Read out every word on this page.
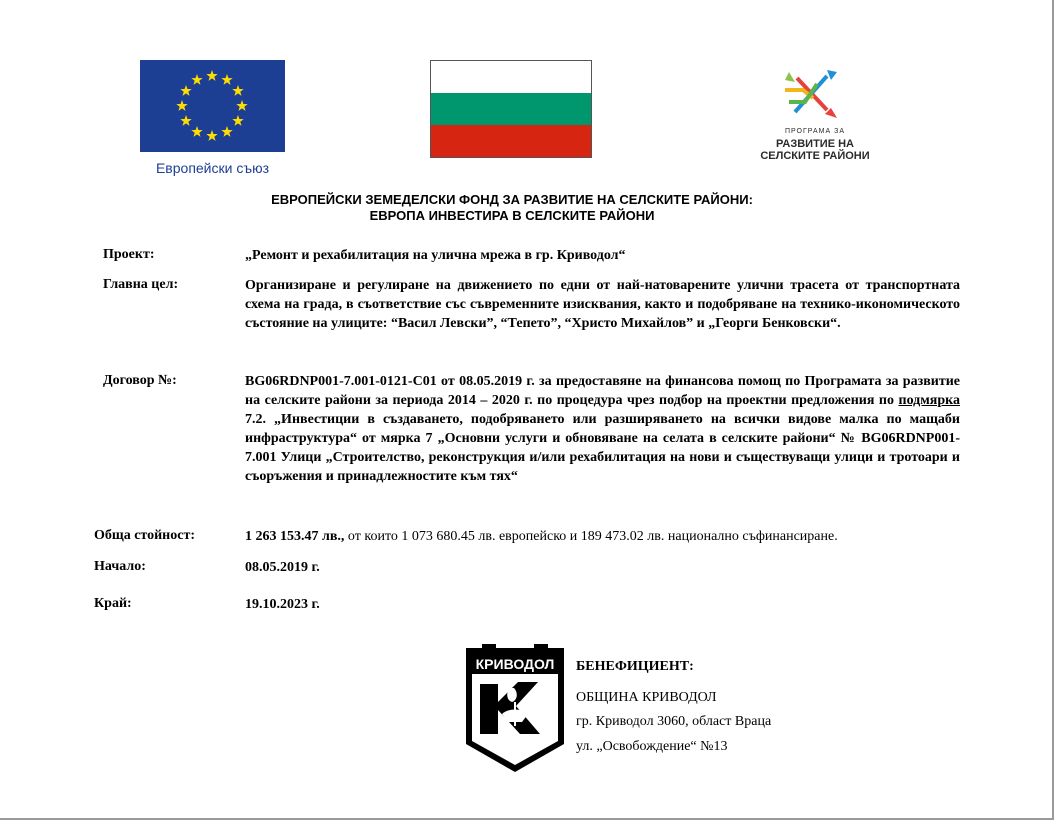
Европейски съюз
ПРОГРАМА ЗА
РАЗВИТИЕ НА
СЕЛСКИТЕ РАЙОНИ
ЕВРОПЕЙСКИ ЗЕМЕДЕЛСКИ ФОНД ЗА РАЗВИТИЕ НА СЕЛСКИТЕ РАЙОНИ:
ЕВРОПА ИНВЕСТИРА В СЕЛСКИТЕ РАЙОНИ
Проект:	„Ремонт и рехабилитация на улична мрежа в гр. Криводол“
Главна цел:	Организиране и регулиране на движението по едни от най-натоварените улични трасета от транспортната схема на града, в съответствие със съвременните изисквания, както и подобряване на технико-икономическото състояние на улиците: “Васил Левски”, “Тепето”, “Христо Михайлов” и „Георги Бенковски“.
Договор №:	BG06RDNP001-7.001-0121-C01 от 08.05.2019 г. за предоставяне на финансова помощ по Програмата за развитие на селските райони за периода 2014 – 2020 г. по процедура чрез подбор на проектни предложения по подмярка 7.2. „Инвестиции в създаването, подобряването или разширяването на всички видове малка по мащаби инфраструктура“ от мярка 7 „Основни услуги и обновяване на селата в селските райони“ № BG06RDNP001-7.001 Улици „Строителство, реконструкция и/или рехабилитация на нови и съществуващи улици и тротоари и съоръжения и принадлежностите към тях“
Обща стойност:	1 263 153.47 лв., от които 1 073 680.45 лв. европейско и 189 473.02 лв. национално съфинансиране.
Начало:	08.05.2019 г.
Край:	19.10.2023 г.
КРИВОДОЛ БЕНЕФИЦИЕНТ:
ОБЩИНА КРИВОДОЛ
гр. Криводол 3060, област Враца
ул. „Освобождение“ №13
